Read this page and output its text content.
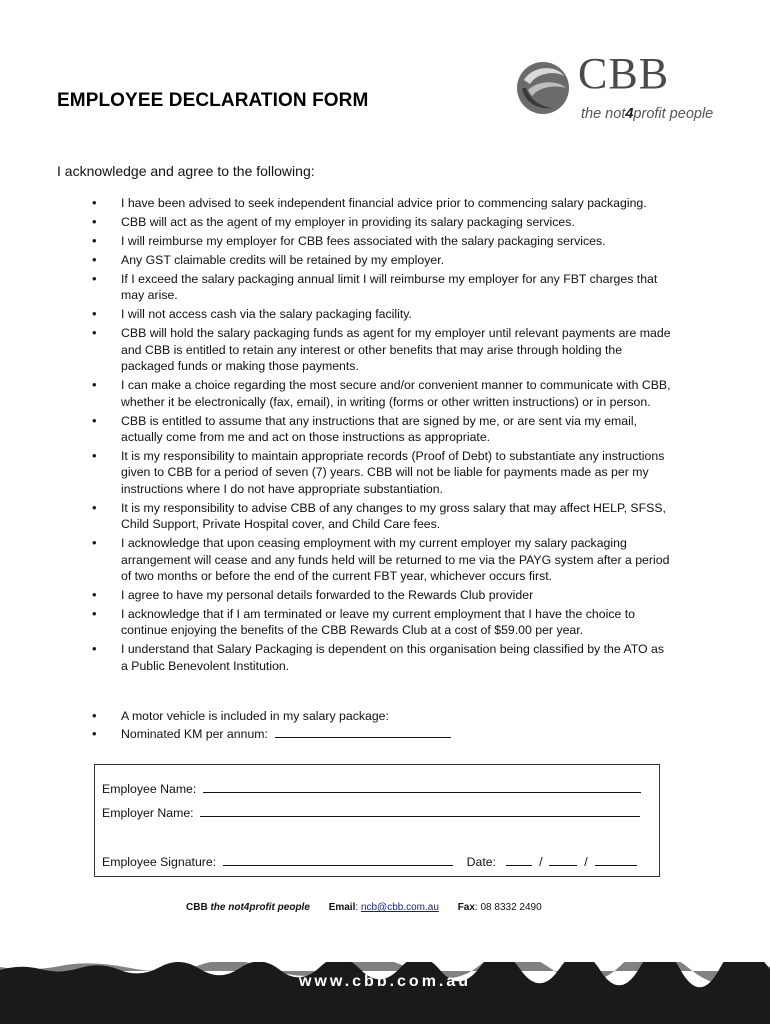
EMPLOYEE DECLARATION FORM
CBB
the not4profit people
I acknowledge and agree to the following:
• I have been advised to seek independent financial advice prior to commencing salary packaging.
• CBB will act as the agent of my employer in providing its salary packaging services.
• I will reimburse my employer for CBB fees associated with the salary packaging services.
• Any GST claimable credits will be retained by my employer.
• If I exceed the salary packaging annual limit I will reimburse my employer for any FBT charges that may arise.
• I will not access cash via the salary packaging facility.
• CBB will hold the salary packaging funds as agent for my employer until relevant payments are made and CBB is entitled to retain any interest or other benefits that may arise through holding the packaged funds or making those payments.
• I can make a choice regarding the most secure and/or convenient manner to communicate with CBB, whether it be electronically (fax, email), in writing (forms or other written instructions) or in person.
• CBB is entitled to assume that any instructions that are signed by me, or are sent via my email, actually come from me and act on those instructions as appropriate.
• It is my responsibility to maintain appropriate records (Proof of Debt) to substantiate any instructions given to CBB for a period of seven (7) years. CBB will not be liable for payments made as per my instructions where I do not have appropriate substantiation.
• It is my responsibility to advise CBB of any changes to my gross salary that may affect HELP, SFSS, Child Support, Private Hospital cover, and Child Care fees.
• I acknowledge that upon ceasing employment with my current employer my salary packaging arrangement will cease and any funds held will be returned to me via the PAYG system after a period of two months or before the end of the current FBT year, whichever occurs first.
• I agree to have my personal details forwarded to the Rewards Club provider
• I acknowledge that if I am terminated or leave my current employment that I have the choice to continue enjoying the benefits of the CBB Rewards Club at a cost of $59.00 per year.
• I understand that Salary Packaging is dependent on this organisation being classified by the ATO as a Public Benevolent Institution.
• A motor vehicle is included in my salary package:
• Nominated KM per annum:
Employee Name:
Employer Name:
Employee Signature:	Date:	/	/
CBB the not4profit people Email: ncb@cbb.com.au Fax: 08 8332 2490
www.cbb.com.au
